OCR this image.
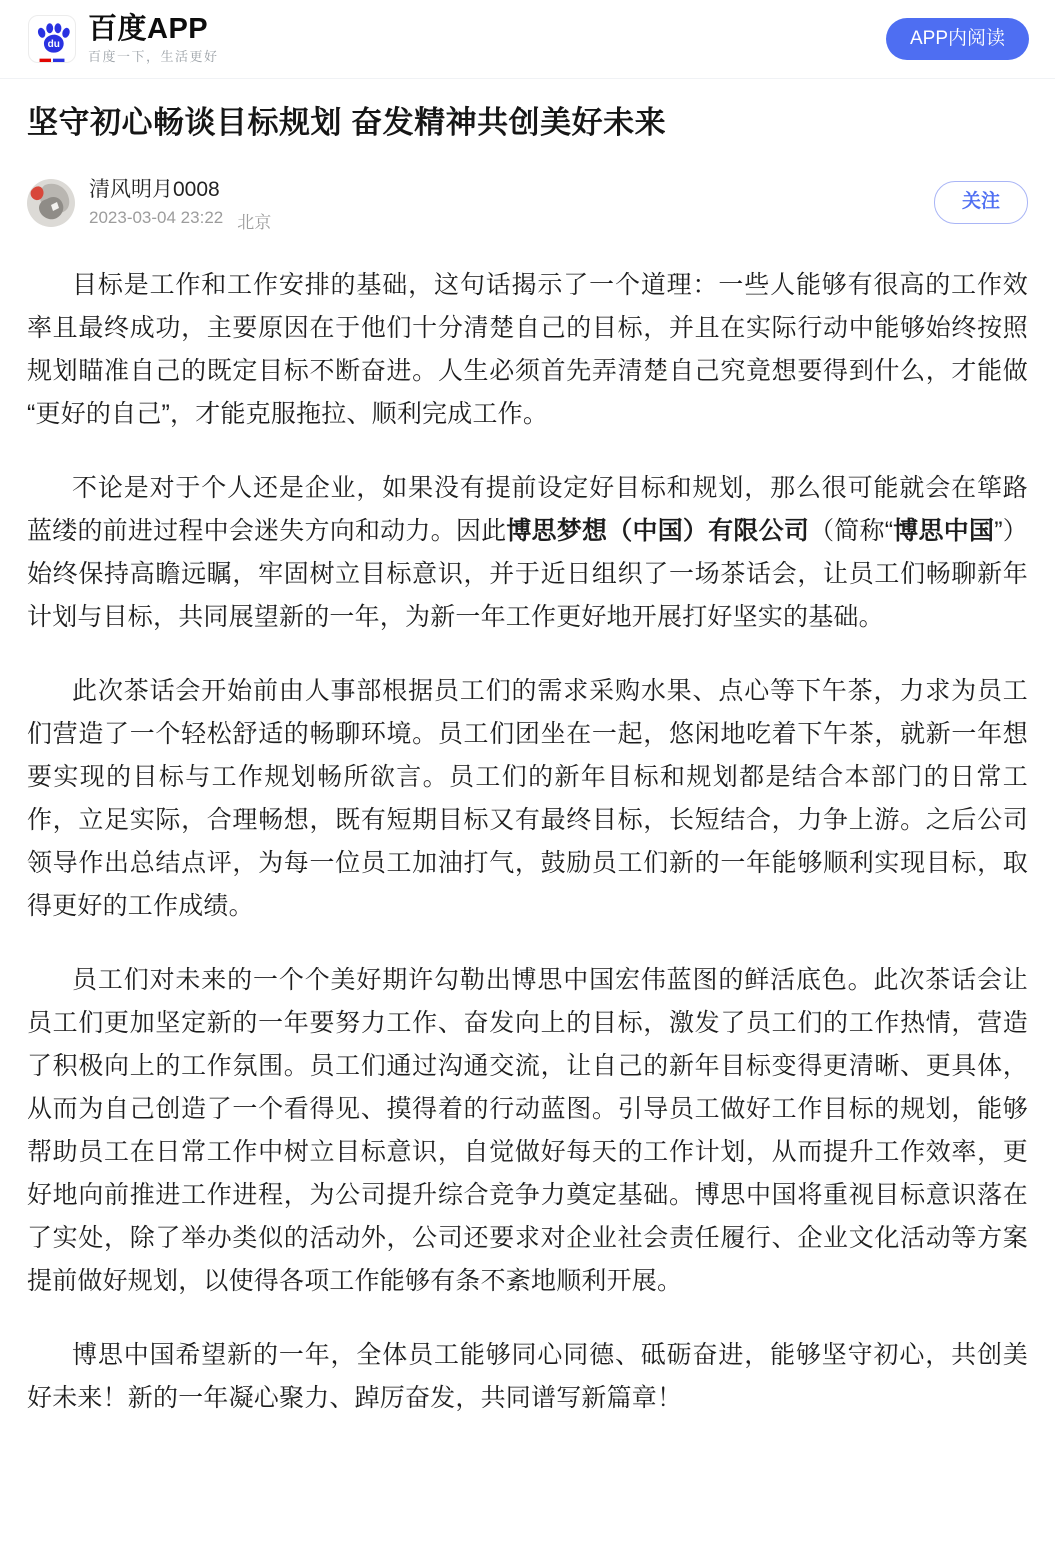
du 百度APP
百度一下，生活更好
APP内阅读
坚守初心畅谈目标规划 奋发精神共创美好未来
清风明月0008
2023-03-04 23:22 北京
关注

目标是工作和工作安排的基础，这句话揭示了一个道理：一些人能够有很高的工作效率且最终成功，主要原因在于他们十分清楚自己的目标，并且在实际行动中能够始终按照规划瞄准自己的既定目标不断奋进。人生必须首先弄清楚自己究竟想要得到什么，才能做“更好的自己”，才能克服拖拉、顺利完成工作。

不论是对于个人还是企业，如果没有提前设定好目标和规划，那么很可能就会在筚路蓝缕的前进过程中会迷失方向和动力。因此博思梦想（中国）有限公司（简称“博思中国”）始终保持高瞻远瞩，牢固树立目标意识，并于近日组织了一场茶话会，让员工们畅聊新年计划与目标，共同展望新的一年，为新一年工作更好地开展打好坚实的基础。

此次茶话会开始前由人事部根据员工们的需求采购水果、点心等下午茶，力求为员工们营造了一个轻松舒适的畅聊环境。员工们团坐在一起，悠闲地吃着下午茶，就新一年想要实现的目标与工作规划畅所欲言。员工们的新年目标和规划都是结合本部门的日常工作，立足实际，合理畅想，既有短期目标又有最终目标，长短结合，力争上游。之后公司领导作出总结点评，为每一位员工加油打气，鼓励员工们新的一年能够顺利实现目标，取得更好的工作成绩。

员工们对未来的一个个美好期许勾勒出博思中国宏伟蓝图的鲜活底色。此次茶话会让员工们更加坚定新的一年要努力工作、奋发向上的目标，激发了员工们的工作热情，营造了积极向上的工作氛围。员工们通过沟通交流，让自己的新年目标变得更清晰、更具体，从而为自己创造了一个看得见、摸得着的行动蓝图。引导员工做好工作目标的规划，能够帮助员工在日常工作中树立目标意识，自觉做好每天的工作计划，从而提升工作效率，更好地向前推进工作进程，为公司提升综合竞争力奠定基础。博思中国将重视目标意识落在了实处，除了举办类似的活动外，公司还要求对企业社会责任履行、企业文化活动等方案提前做好规划，以使得各项工作能够有条不紊地顺利开展。

博思中国希望新的一年，全体员工能够同心同德、砥砺奋进，能够坚守初心，共创美好未来！新的一年凝心聚力、踔厉奋发，共同谱写新篇章！
